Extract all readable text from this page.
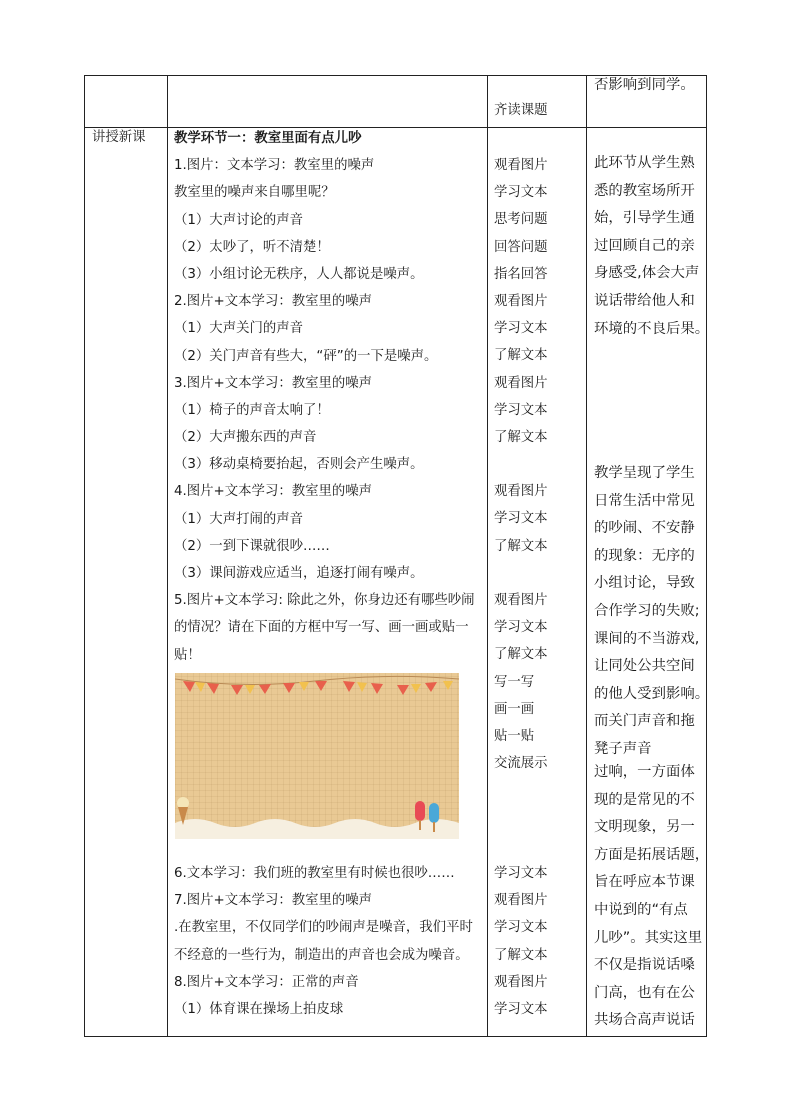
齐读课题
否影响到同学。
讲授新课 教学环节一：教室里面有点儿吵
1.图片：文本学习：教室里的噪声
教室里的噪声来自哪里呢？
（1）大声讨论的声音
（2）太吵了，听不清楚！
（3）小组讨论无秩序，人人都说是噪声。
2.图片+文本学习：教室里的噪声
（1）大声关门的声音
（2）关门声音有些大，“砰”的一下是噪声。
3.图片+文本学习：教室里的噪声
（1）椅子的声音太响了！
（2）大声搬东西的声音
（3）移动桌椅要抬起，否则会产生噪声。
4.图片+文本学习：教室里的噪声
（1）大声打闹的声音
（2）一到下课就很吵……
（3）课间游戏应适当，追逐打闹有噪声。
5.图片+文本学习: 除此之外，你身边还有哪些吵闹
的情况？请在下面的方框中写一写、画一画或贴一
贴！
6.文本学习：我们班的教室里有时候也很吵……
7.图片+文本学习：教室里的噪声
.在教室里，不仅同学们的吵闹声是噪音，我们平时
不经意的一些行为，制造出的声音也会成为噪音。
8.图片+文本学习：正常的声音
（1）体育课在操场上拍皮球
观看图片
学习文本
思考问题
回答问题
指名回答
观看图片
学习文本
了解文本
观看图片
学习文本
了解文本
观看图片
学习文本
了解文本
观看图片
学习文本
了解文本
写一写
画一画
贴一贴
交流展示
学习文本
观看图片
学习文本
了解文本
观看图片
学习文本
此环节从学生熟
悉的教室场所开
始，引导学生通
过回顾自己的亲
身感受,体会大声
说话带给他人和
环境的不良后果。
教学呈现了学生
日常生活中常见
的吵闹、不安静
的现象：无序的
小组讨论，导致
合作学习的失败;
课间的不当游戏,
让同处公共空间
的他人受到影响。
而关门声音和拖
凳子声音
过响，一方面体
现的是常见的不
文明现象，另一
方面是拓展话题，
旨在呼应本节课
中说到的“有点
儿吵”。其实这里
不仅是指说话嗓
门高，也有在公
共场合高声说话
